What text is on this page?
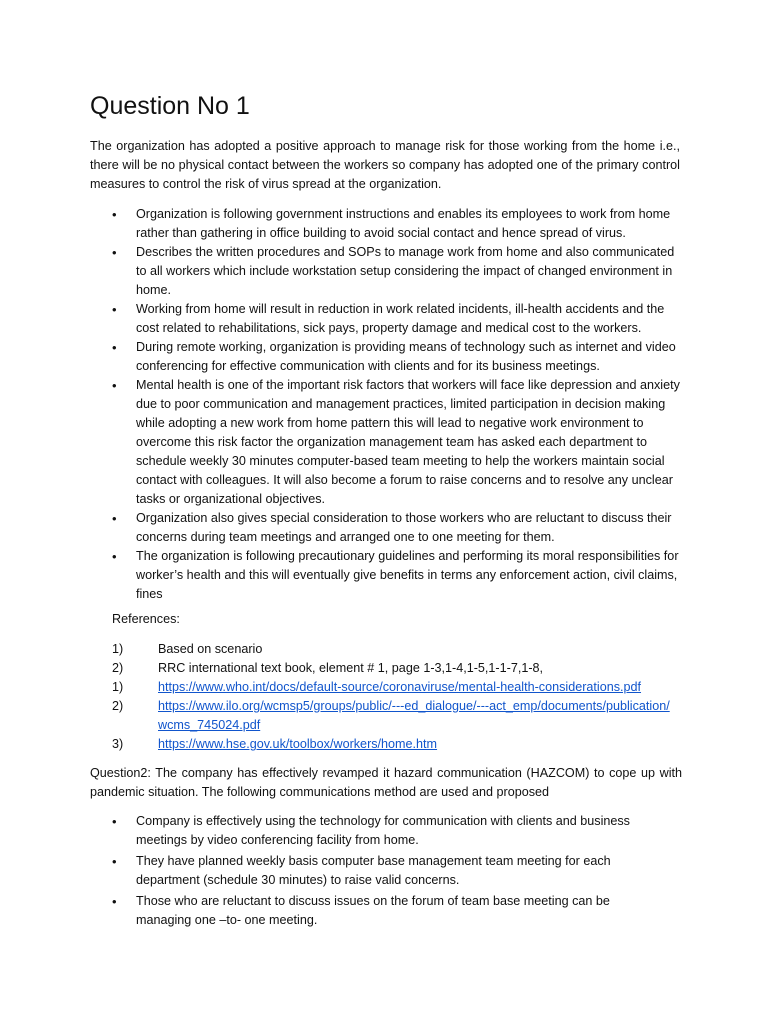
Question No 1

The organization has adopted a positive approach to manage risk for those working from the home i.e., there will be no physical contact between the workers so company has adopted one of the primary control measures to control the risk of virus spread at the organization.

• Organization is following government instructions and enables its employees to work from home rather than gathering in office building to avoid social contact and hence spread of virus.
• Describes the written procedures and SOPs to manage work from home and also communicated to all workers which include workstation setup considering the impact of changed environment in home.
• Working from home will result in reduction in work related incidents, ill-health accidents and the cost related to rehabilitations, sick pays, property damage and medical cost to the workers.
• During remote working, organization is providing means of technology such as internet and video conferencing for effective communication with clients and for its business meetings.
• Mental health is one of the important risk factors that workers will face like depression and anxiety due to poor communication and management practices, limited participation in decision making while adopting a new work from home pattern this will lead to negative work environment to overcome this risk factor the organization management team has asked each department to schedule weekly 30 minutes computer-based team meeting to help the workers maintain social contact with colleagues. It will also become a forum to raise concerns and to resolve any unclear tasks or organizational objectives.
• Organization also gives special consideration to those workers who are reluctant to discuss their concerns during team meetings and arranged one to one meeting for them.
• The organization is following precautionary guidelines and performing its moral responsibilities for worker’s health and this will eventually give benefits in terms any enforcement action, civil claims, fines

References:

1)	Based on scenario
2)	RRC international text book, element # 1, page 1-3,1-4,1-5,1-1-7,1-8,
1)	https://www.who.int/docs/default-source/coronaviruse/mental-health-considerations.pdf
2)	https://www.ilo.org/wcmsp5/groups/public/---ed_dialogue/---act_emp/documents/publication/wcms_745024.pdf
3)	https://www.hse.gov.uk/toolbox/workers/home.htm

Question2: The company has effectively revamped it hazard communication (HAZCOM) to cope up with pandemic situation. The following communications method are used and proposed

• Company is effectively using the technology for communication with clients and business meetings by video conferencing facility from home.
• They have planned weekly basis computer base management team meeting for each department (schedule 30 minutes) to raise valid concerns.
• Those who are reluctant to discuss issues on the forum of team base meeting can be managing one –to- one meeting.
